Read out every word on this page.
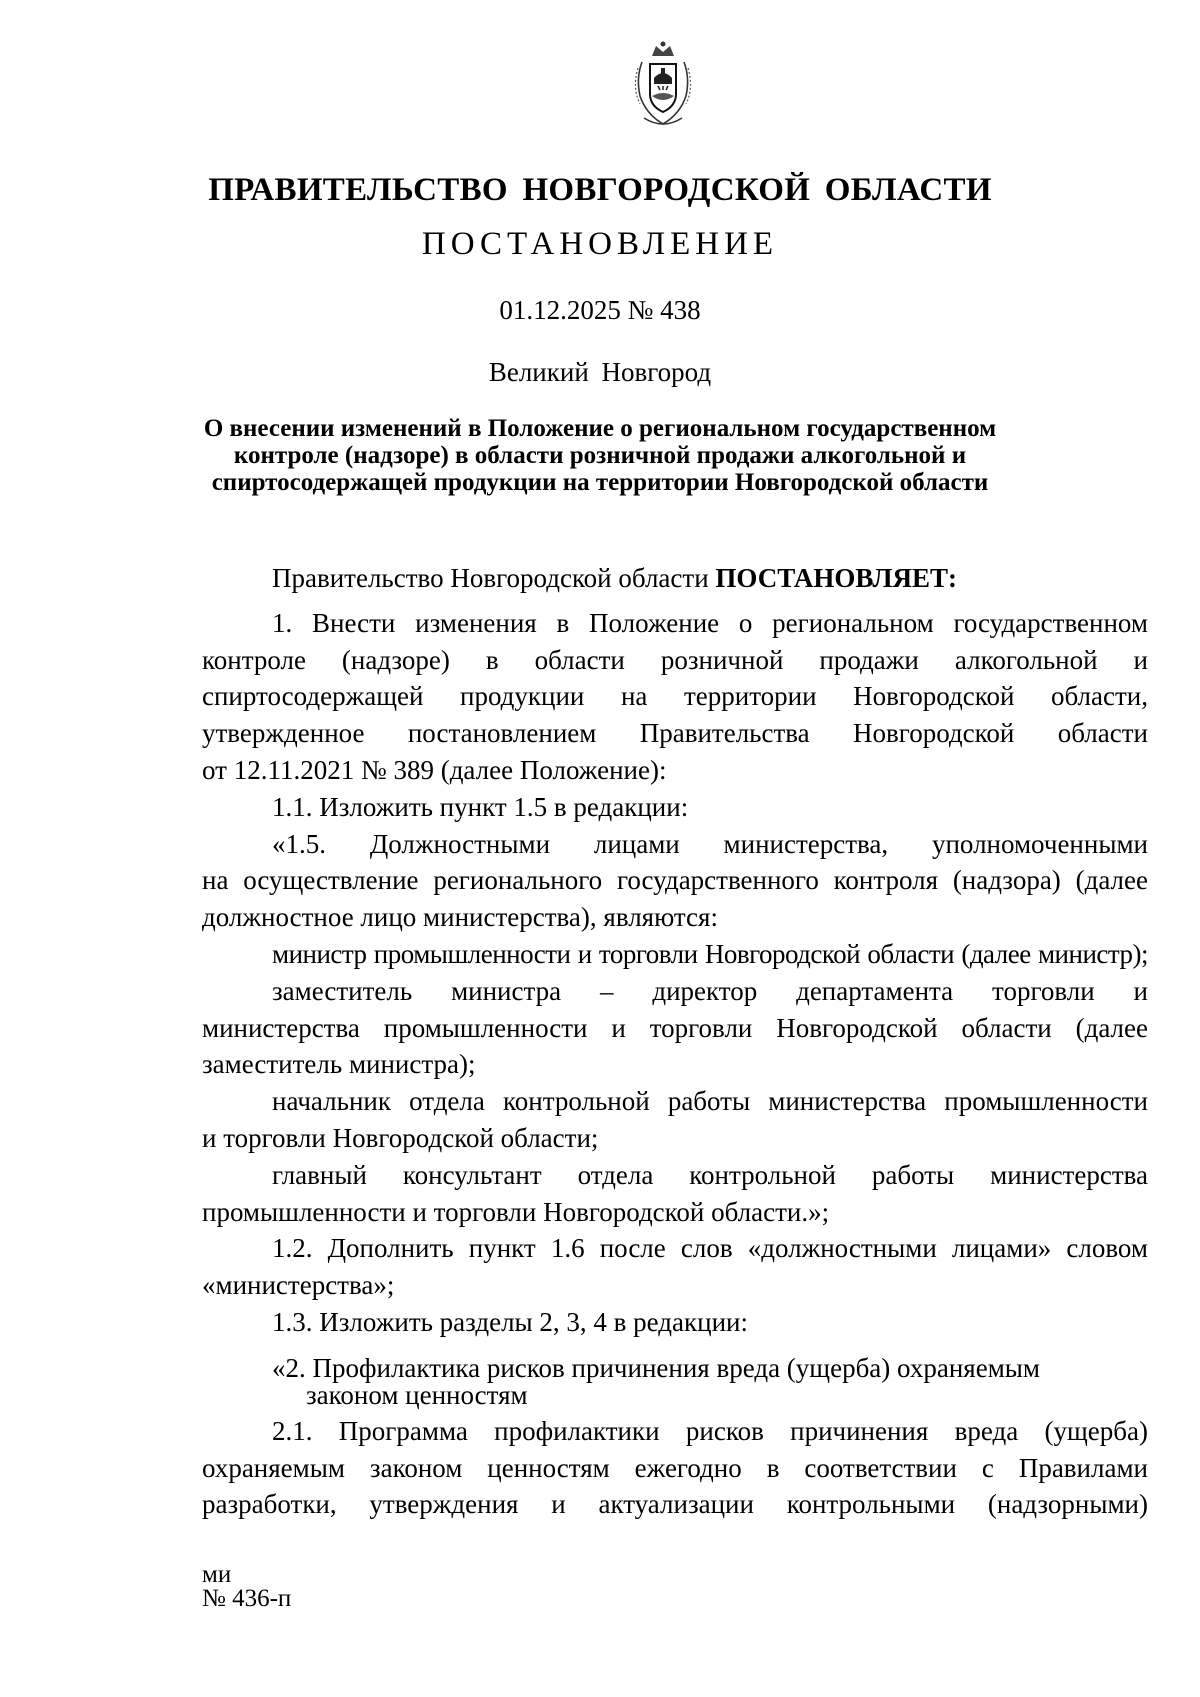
ПРАВИТЕЛЬСТВО НОВГОРОДСКОЙ ОБЛАСТИ
ПОСТАНОВЛЕНИЕ
01.12.2025 № 438
Великий Новгород
О внесении изменений в Положение о региональном государственном
контроле (надзоре) в области розничной продажи алкогольной и
спиртосодержащей продукции на территории Новгородской области
Правительство Новгородской области ПОСТАНОВЛЯЕТ:
1. Внести изменения в Положение о региональном государственном
контроле (надзоре) в области розничной продажи алкогольной и
спиртосодержащей продукции на территории Новгородской области,
утвержденное постановлением Правительства Новгородской области
от 12.11.2021 № 389 (далее Положение):
1.1. Изложить пункт 1.5 в редакции:
«1.5. Должностными лицами министерства, уполномоченными
на осуществление регионального государственного контроля (надзора) (далее
должностное лицо министерства), являются:
министр промышленности и торговли Новгородской области (далее министр);
заместитель министра – директор департамента торговли и
министерства промышленности и торговли Новгородской области (далее
заместитель министра);
начальник отдела контрольной работы министерства промышленности
и торговли Новгородской области;
главный консультант отдела контрольной работы министерства
промышленности и торговли Новгородской области.»;
1.2. Дополнить пункт 1.6 после слов «должностными лицами» словом
«министерства»;
1.3. Изложить разделы 2, 3, 4 в редакции:
«2. Профилактика рисков причинения вреда (ущерба) охраняемым
законом ценностям
2.1. Программа профилактики рисков причинения вреда (ущерба)
охраняемым законом ценностям ежегодно в соответствии с Правилами
разработки, утверждения и актуализации контрольными (надзорными)
ми
№ 436-п
